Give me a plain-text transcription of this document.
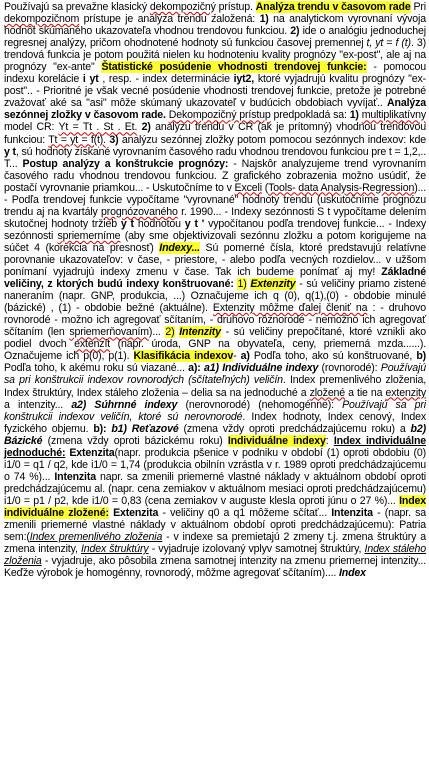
Používajú sa prevažne klasický dekompozičný prístup. Analýza trendu v časovom rade Pri dekompozičnom prístupe je analýza trendu založená: 1) na analytickom vyrovnaní vývoja hodnôt skúmaného ukazovateľa vhodnou trendovou funkciou. 2) ide o analógiu jednoduchej regresnej analýzy, pričom ohodnotené hodnoty sú funkciou časovej premennej t, yt = f (t). 3) trendová funkcia je potom použitá nielen ku hodnoteniu kvality prognózy "ex-post", ale aj na prognózy "ex-ante" Štatistické posúdenie vhodnosti trendovej funkcie: - pomocou indexu korelácie i yt , resp. - index determinácie iyt2, ktoré vyjadrujú kvalitu prognózy "ex-post".. - Prioritné je však vecné posúdenie vhodnosti trendovej funkcie, pretože je potrebné zvažovať aké sa "asi" môže skúmaný ukazovateľ v budúcich obdobiach vyvíjať.. Analýza sezónnej zložky v časovom rade. Dekompozičný prístup predpokladá sa: 1) multiplikatívny model CR: Yt = Tt . St . Et. 2) analýzu trendu v CR (ak je prítomný) vhodnou trendovou funkciou: Tt = yt = f(t). 3) analýzu sezónnej zložky potom pomocou sezónnych indexov: kde y t, sú hodnoty získané vyrovnaním časového radu vhodnou trendovou funkciou pre t = 1,2,.. T... Postup analýzy a konštrukcie prognózy: - Najskôr analyzujeme trend vyrovnaním časového radu vhodnou trendovou funkciou. Z grafického zobrazenia možno usúdiť, že postačí vyrovnanie priamkou... - Uskutočníme to v Exceli (Tools- data Analysis-Regression)... - Podľa trendovej funkcie vypočítame "vyrovnané" hodnoty trendu (uskutočníme prognózu trendu aj na kvartály prognózovaného r. 1990... - Indexy sezónnosti S t vypočítame delením skutočnej hodnoty tržieb y t hodnotou y t ' vypočítanou podľa trendovej funkcie... - Indexy sezónnosti spriemerníme (aby sme objektivizovali sezónnu zložku a potom korigujeme na súčet 4 (korekcia na presnosť) Indexy... Sú pomerné čísla, ktoré predstavujú relatívne porovnanie ukazovateľov: v čase, - priestore, - alebo podľa vecných rozdielov... v užšom ponímaní vyjadrujú indexy zmenu v čase. Tak ich budeme ponímať aj my! Základné veličiny, z ktorých budú indexy konštruované: 1) Extenzity - sú veličiny priamo zistené naneraním (napr. GNP, produkcia, ...) Označujeme ich q (0), q(1),(0) - obdobie minulé (bázické) , (1) - obdobie bežné (aktuálne). Extenzity môžme ďalej členiť na : - druhovo rovnorodé - možno ich agregovať sčítaním, - druhovo rôznorodé - nemožno ich agregovať sčítaním (len spriemerňovaním)... 2) Intenzity - sú veličiny prepočítané, ktoré vznikli ako podiel dvoch extenzít (napr. úroda, GNP na obyvateľa, ceny, priemerná mzda......). Označujeme ich p(0), p(1). Klasifikácia indexov- a) Podľa toho, ako sú konštruované, b) Podľa toho, k akému roku sú viazané... a): a1) Individuálne indexy (rovnorodé): Používajú sa pri konštrukcii indexov rovnorodých (sčítateľných) veličín. Index premenlivého zloženia, Index štruktúry, Index stáleho zloženia – delia sa na jednoduché a zložené a tie na extenzity a intenzity... a2) Súhrnné indexy (nerovnorodé) (nehomogénne): Používajú sa pri konštrukcii indexov veličín, ktoré sú nerovnorodé. Index hodnoty, Index cenový, Index fyzického objemu. b): b1) Reťazové (zmena vždy oproti predchádzajúcemu roku) a b2) Bázické (zmena vždy oproti bázickému roku) Individuálne indexy: Index individuálne jednoduché: Extenzita(napr. produkcia pšenice v podniku v období (1) oproti obdobiu (0) i1/0 = q1 / q2, kde i1/0 = 1,74 (produkcia obilnín vzrástla v r. 1989 oproti predchádzajúcemu o 74 %)... Intenzita napr. sa zmenili priemerné vlastné náklady v aktuálnom období oproti predchádzajúcemu al. (napr. cena zemiakov v aktuálnom mesiaci oproti predchádzajúcemu) i1/0 = p1 / p2, kde i1/0 = 0,83 (cena zemiakov v auguste klesla oproti júnu o 27 %)... Index individuálne zložené: Extenzita - veličiny q0 a q1 môžeme sčítať... Intenzita - (napr. sa zmenili priemerné vlastné náklady v aktuálnom období oproti predchádzajúcemu): Patria sem:(Index premenlivého zloženia - v indexe sa premietajú 2 zmeny t.j. zmena štruktúry a zmena intenzity, Index štruktúry - vyjadruje izolovaný vplyv samotnej štruktúry, Index stáleho zloženia - vyjadruje, ako pôsobila zmena samotnej intenzity na zmenu priemernej intenzity... Keďže výrobok je homogénny, rovnorodý, môžme agregovať sčítaním).... Index
